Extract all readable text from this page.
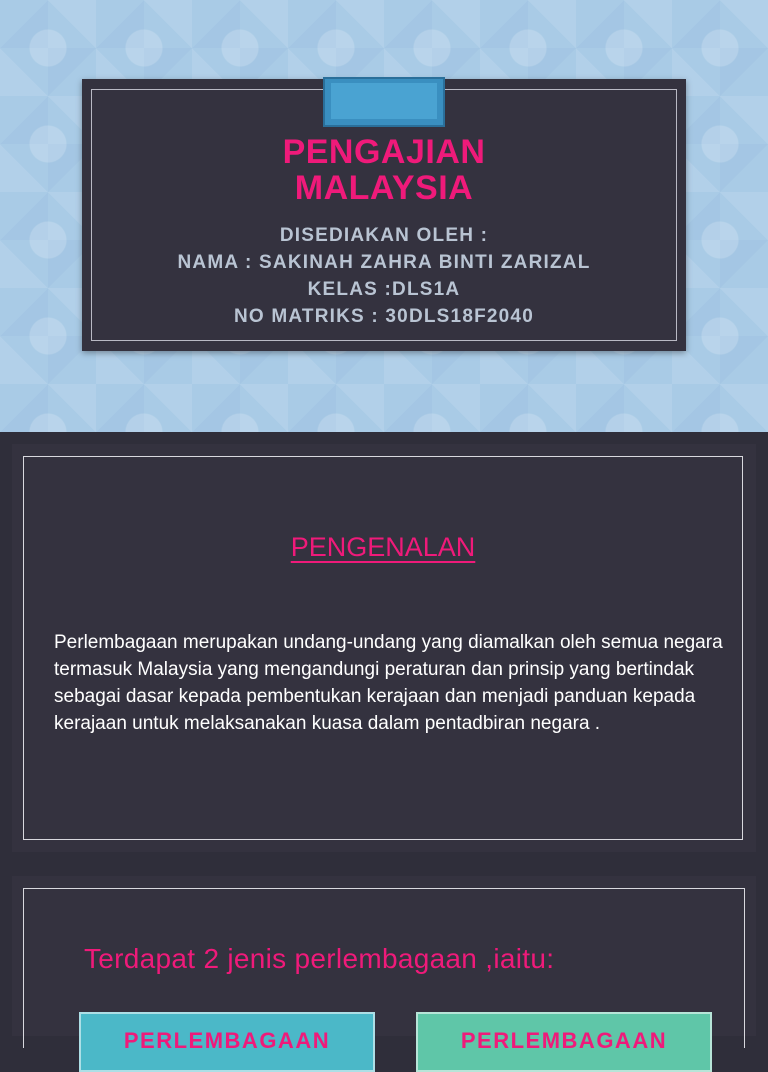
PENGAJIAN
MALAYSIA
DISEDIAKAN OLEH :
NAMA : SAKINAH ZAHRA BINTI ZARIZAL
KELAS :DLS1A
NO MATRIKS : 30DLS18F2040
PENGENALAN
Perlembagaan merupakan undang-undang yang diamalkan oleh semua negara termasuk Malaysia yang mengandungi peraturan dan prinsip yang bertindak sebagai dasar kepada pembentukan kerajaan dan menjadi panduan kepada kerajaan untuk melaksanakan kuasa dalam pentadbiran negara .
Terdapat 2 jenis perlembagaan ,iaitu:
PERLEMBAGAAN	PERLEMBAGAAN
